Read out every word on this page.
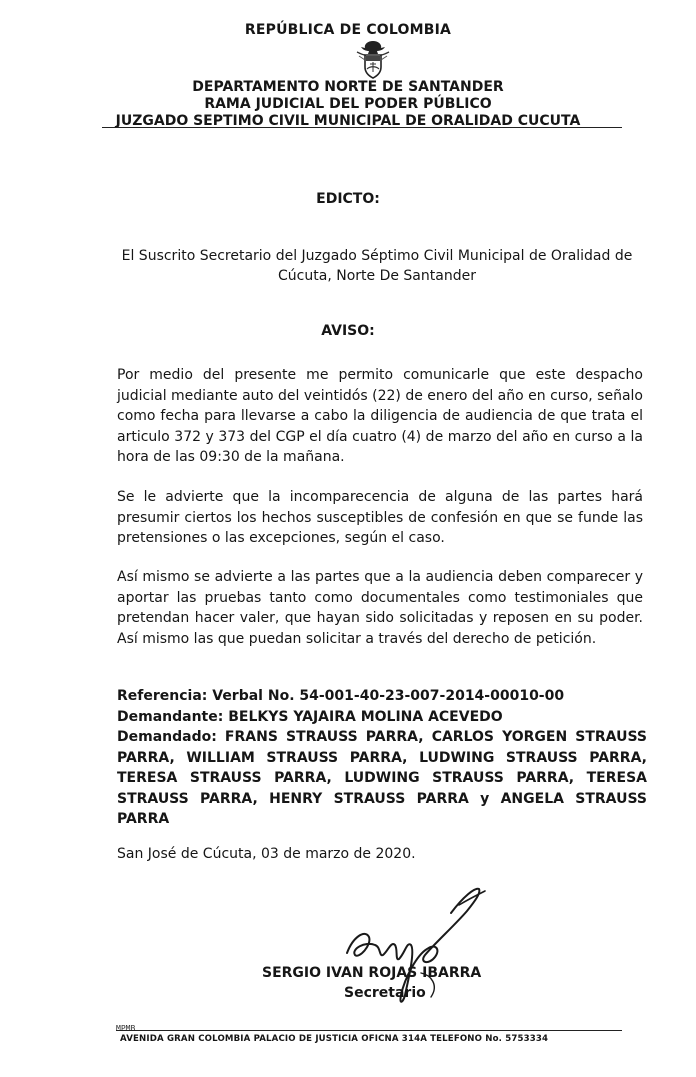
REPÚBLICA DE COLOMBIA
DEPARTAMENTO NORTE DE SANTANDER
RAMA JUDICIAL DEL PODER PÚBLICO
JUZGADO SEPTIMO CIVIL MUNICIPAL DE ORALIDAD CUCUTA
EDICTO:
El Suscrito Secretario del Juzgado Séptimo Civil Municipal de Oralidad de Cúcuta, Norte De Santander
AVISO:
Por medio del presente me permito comunicarle que este despacho judicial mediante auto del veintidós (22) de enero del año en curso, señalo como fecha para llevarse a cabo la diligencia de audiencia de que trata el articulo 372 y 373 del CGP el día cuatro (4) de marzo del año en curso a la hora de las 09:30 de la mañana.
Se le advierte que la incomparecencia de alguna de las partes hará presumir ciertos los hechos susceptibles de confesión en que se funde las pretensiones o las excepciones, según el caso.
Así mismo se advierte a las partes que a la audiencia deben comparecer y aportar las pruebas tanto como documentales como testimoniales que pretendan hacer valer, que hayan sido solicitadas y reposen en su poder. Así mismo las que puedan solicitar a través del derecho de petición.
Referencia: Verbal No. 54-001-40-23-007-2014-00010-00
Demandante: BELKYS YAJAIRA MOLINA ACEVEDO
Demandado: FRANS STRAUSS PARRA, CARLOS YORGEN STRAUSS PARRA, WILLIAM STRAUSS PARRA, LUDWING STRAUSS PARRA, TERESA STRAUSS PARRA, LUDWING STRAUSS PARRA, TERESA STRAUSS PARRA, HENRY STRAUSS PARRA y ANGELA STRAUSS PARRA
San José de Cúcuta, 03 de marzo de 2020.
SERGIO IVAN ROJAS IBARRA
Secretario
MPMB
AVENIDA GRAN COLOMBIA PALACIO DE JUSTICIA OFICNA 314A TELEFONO No. 5753334
